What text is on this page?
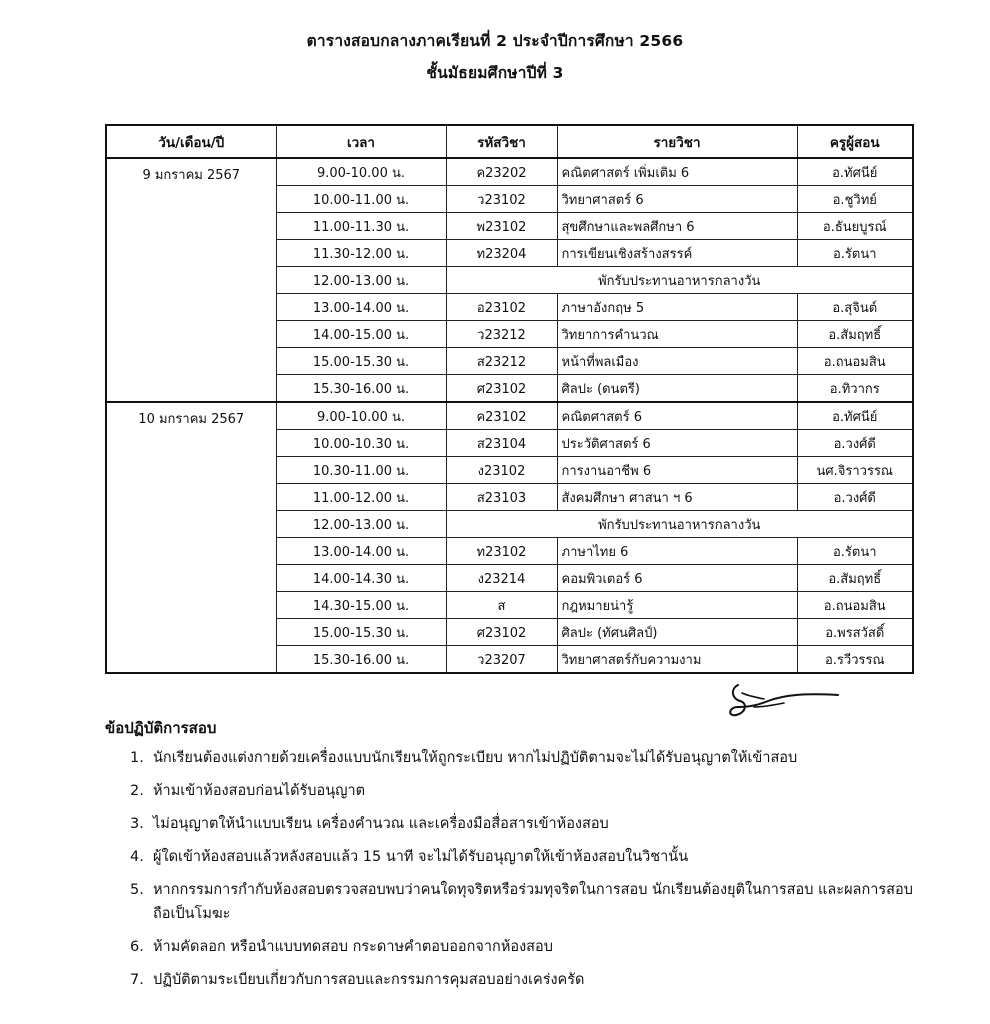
ตารางสอบกลางภาคเรียนที่ 2 ประจำปีการศึกษา 2566
ชั้นมัธยมศึกษาปีที่ 3
วัน/เดือน/ปี	เวลา	รหัสวิชา	รายวิชา	ครูผู้สอน
9 มกราคม 2567	9.00-10.00 น.	ค23202	คณิตศาสตร์ เพิ่มเติม 6	อ.ทัศนีย์
	10.00-11.00 น.	ว23102	วิทยาศาสตร์ 6	อ.ชูวิทย์
	11.00-11.30 น.	พ23102	สุขศึกษาและพลศึกษา 6	อ.ธันยบูรณ์
	11.30-12.00 น.	ท23204	การเขียนเชิงสร้างสรรค์	อ.รัตนา
	12.00-13.00 น.	พักรับประทานอาหารกลางวัน		
	13.00-14.00 น.	อ23102	ภาษาอังกฤษ 5	อ.สุจินต์
	14.00-15.00 น.	ว23212	วิทยาการคำนวณ	อ.สัมฤทธิ์
	15.00-15.30 น.	ส23212	หน้าที่พลเมือง	อ.ถนอมสิน
	15.30-16.00 น.	ศ23102	ศิลปะ (ดนตรี)	อ.ทิวากร
10 มกราคม 2567	9.00-10.00 น.	ค23102	คณิตศาสตร์ 6	อ.ทัศนีย์
	10.00-10.30 น.	ส23104	ประวัติศาสตร์ 6	อ.วงศ์ดี
	10.30-11.00 น.	ง23102	การงานอาชีพ 6	นศ.จิราวรรณ
	11.00-12.00 น.	ส23103	สังคมศึกษา ศาสนา ฯ 6	อ.วงศ์ดี
	12.00-13.00 น.	พักรับประทานอาหารกลางวัน		
	13.00-14.00 น.	ท23102	ภาษาไทย 6	อ.รัตนา
	14.00-14.30 น.	ง23214	คอมพิวเตอร์ 6	อ.สัมฤทธิ์
	14.30-15.00 น.	ส	กฎหมายน่ารู้	อ.ถนอมสิน
	15.00-15.30 น.	ศ23102	ศิลปะ (ทัศนศิลป์)	อ.พรสวัสดิ์
	15.30-16.00 น.	ว23207	วิทยาศาสตร์กับความงาม	อ.รวีวรรณ
ข้อปฏิบัติการสอบ
1. นักเรียนต้องแต่งกายด้วยเครื่องแบบนักเรียนให้ถูกระเบียบ หากไม่ปฏิบัติตามจะไม่ได้รับอนุญาตให้เข้าสอบ
2. ห้ามเข้าห้องสอบก่อนได้รับอนุญาต
3. ไม่อนุญาตให้นำแบบเรียน เครื่องคำนวณ และเครื่องมือสื่อสารเข้าห้องสอบ
4. ผู้ใดเข้าห้องสอบแล้วหลังสอบแล้ว 15 นาที จะไม่ได้รับอนุญาตให้เข้าห้องสอบในวิชานั้น
5. หากกรรมการกำกับห้องสอบตรวจสอบพบว่าคนใดทุจริตหรือร่วมทุจริตในการสอบ นักเรียนต้องยุติในการสอบ และผลการสอบถือเป็นโมฆะ
6. ห้ามคัดลอก หรือนำแบบทดสอบ กระดาษคำตอบออกจากห้องสอบ
7. ปฏิบัติตามระเบียบเกี่ยวกับการสอบและกรรมการคุมสอบอย่างเคร่งครัด
